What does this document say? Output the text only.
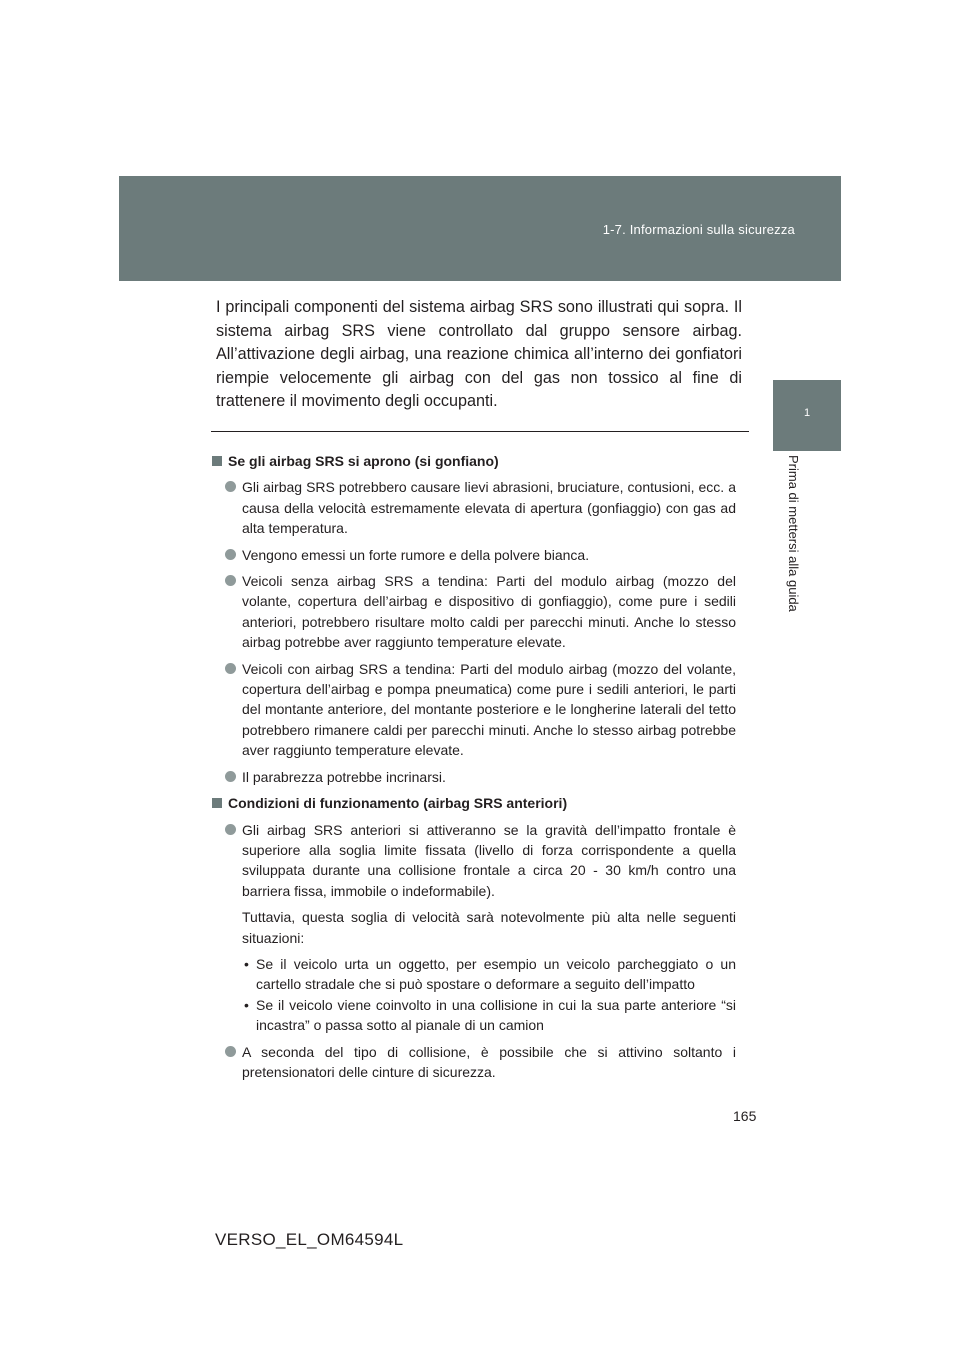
1-7. Informazioni sulla sicurezza
1
Prima di mettersi alla guida
I principali componenti del sistema airbag SRS sono illustrati qui sopra. Il sistema airbag SRS viene controllato dal gruppo sensore airbag. All’attivazione degli airbag, una reazione chimica all’interno dei gonfiatori riempie velocemente gli airbag con del gas non tossico al fine di trattenere il movimento degli occupanti.
Se gli airbag SRS si aprono (si gonfiano)
Gli airbag SRS potrebbero causare lievi abrasioni, bruciature, contusioni, ecc. a causa della velocità estremamente elevata di apertura (gonfiaggio) con gas ad alta temperatura.
Vengono emessi un forte rumore e della polvere bianca.
Veicoli senza airbag SRS a tendina: Parti del modulo airbag (mozzo del volante, copertura dell’airbag e dispositivo di gonfiaggio), come pure i sedili anteriori, potrebbero risultare molto caldi per parecchi minuti. Anche lo stesso airbag potrebbe aver raggiunto temperature elevate.
Veicoli con airbag SRS a tendina: Parti del modulo airbag (mozzo del volante, copertura dell’airbag e pompa pneumatica) come pure i sedili anteriori, le parti del montante anteriore, del montante posteriore e le longherine laterali del tetto potrebbero rimanere caldi per parecchi minuti. Anche lo stesso airbag potrebbe aver raggiunto temperature elevate.
Il parabrezza potrebbe incrinarsi.
Condizioni di funzionamento (airbag SRS anteriori)
Gli airbag SRS anteriori si attiveranno se la gravità dell’impatto frontale è superiore alla soglia limite fissata (livello di forza corrispondente a quella sviluppata durante una collisione frontale a circa 20 - 30 km/h contro una barriera fissa, immobile o indeformabile).
Tuttavia, questa soglia di velocità sarà notevolmente più alta nelle seguenti situazioni:
• Se il veicolo urta un oggetto, per esempio un veicolo parcheggiato o un cartello stradale che si può spostare o deformare a seguito dell’impatto
• Se il veicolo viene coinvolto in una collisione in cui la sua parte anteriore “si incastra” o passa sotto al pianale di un camion
A seconda del tipo di collisione, è possibile che si attivino soltanto i pretensionatori delle cinture di sicurezza.
165
VERSO_EL_OM64594L
